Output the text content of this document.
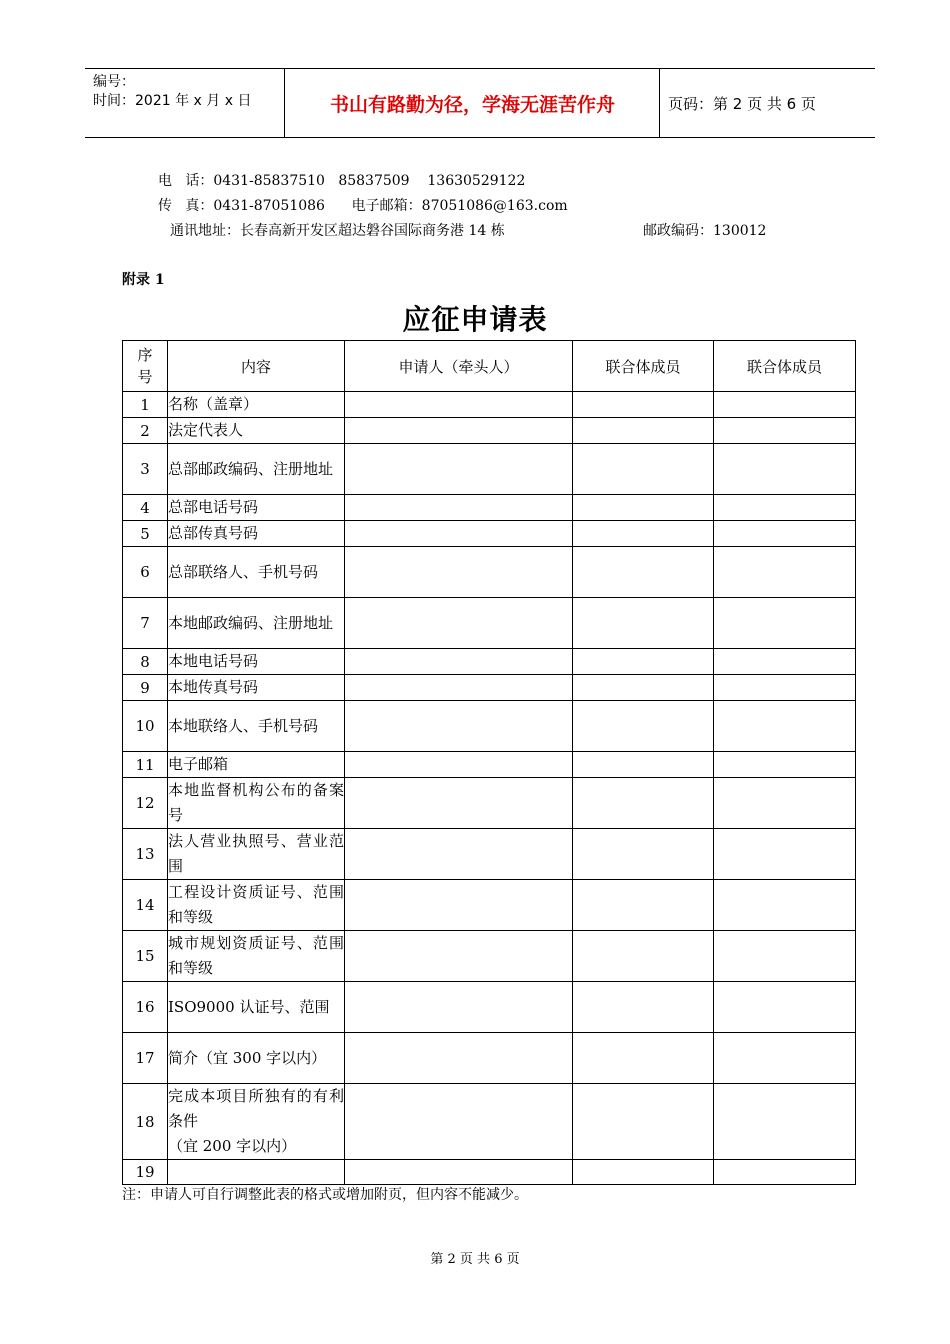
编号：
时间：2021 年 x 月 x 日	书山有路勤为径，学海无涯苦作舟	页码：第 2 页 共 6 页
电   话：0431-85837510   85837509    13630529122
传   真：0431-87051086      电子邮箱：87051086@163.com
通讯地址：长春高新开发区超达磐谷国际商务港 14 栋	邮政编码：130012
附录 1
应征申请表
序号	内容	申请人（牵头人）	联合体成员	联合体成员
1	名称（盖章）			

2	法定代表人			

3	总部邮政编码、注册地址			

4	总部电话号码			

5	总部传真号码			

6	总部联络人、手机号码			

7	本地邮政编码、注册地址			

8	本地电话号码			

9	本地传真号码			

10	本地联络人、手机号码			

11	电子邮箱			

12	本地监督机构公布的备案号			

13	法人营业执照号、营业范围			

14	工程设计资质证号、范围和等级			

15	城市规划资质证号、范围和等级			

16	ISO9000 认证号、范围			

17	简介（宜 300 字以内）			

18	完成本项目所独有的有利条件
（宜 200 字以内）			

19	

注：申请人可自行调整此表的格式或增加附页，但内容不能减少。
第 2 页 共 6 页
